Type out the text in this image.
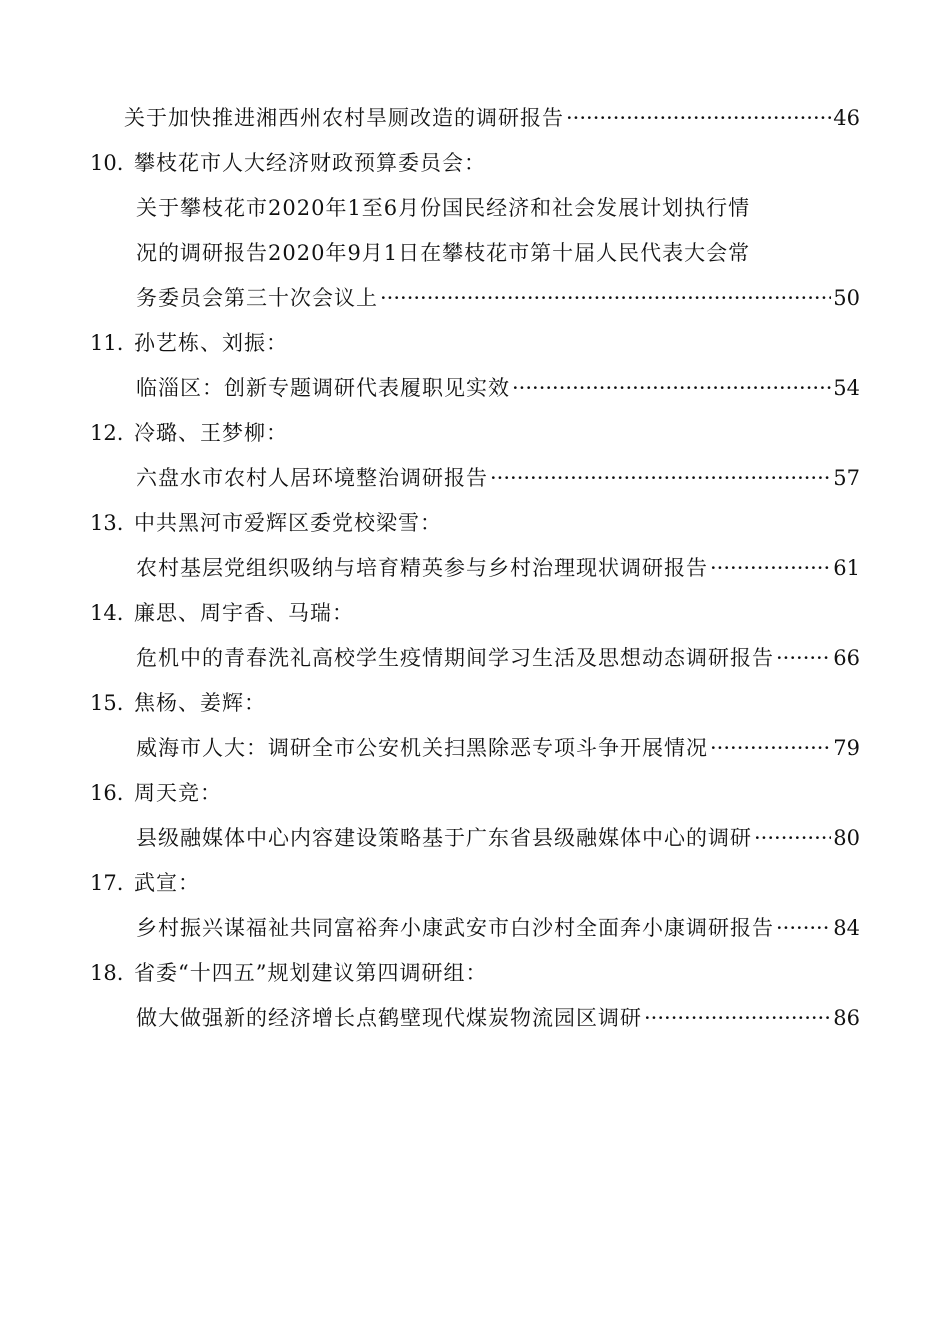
关于加快推进湘西州农村旱厕改造的调研报告 ·····	46
10. 攀枝花市人大经济财政预算委员会：
关于攀枝花市2020年1至6月份国民经济和社会发展计划执行情
况的调研报告2020年9月1日在攀枝花市第十届人民代表大会常
务委员会第三十次会议上 ·····	50
11. 孙艺栋、刘振：
临淄区：创新专题调研代表履职见实效 ·····	54
12. 冷璐、王梦柳：
六盘水市农村人居环境整治调研报告 ·····	57
13. 中共黑河市爱辉区委党校梁雪：
农村基层党组织吸纳与培育精英参与乡村治理现状调研报告 ·····	61
14. 廉思、周宇香、马瑞：
危机中的青春洗礼高校学生疫情期间学习生活及思想动态调研报告 ·····	66
15. 焦杨、姜辉：
威海市人大：调研全市公安机关扫黑除恶专项斗争开展情况 ·····	79
16. 周天竞：
县级融媒体中心内容建设策略基于广东省县级融媒体中心的调研 ·····	80
17. 武宣：
乡村振兴谋福祉共同富裕奔小康武安市白沙村全面奔小康调研报告 ·····	84
18. 省委“十四五”规划建议第四调研组：
做大做强新的经济增长点鹤壁现代煤炭物流园区调研 ·····	86
